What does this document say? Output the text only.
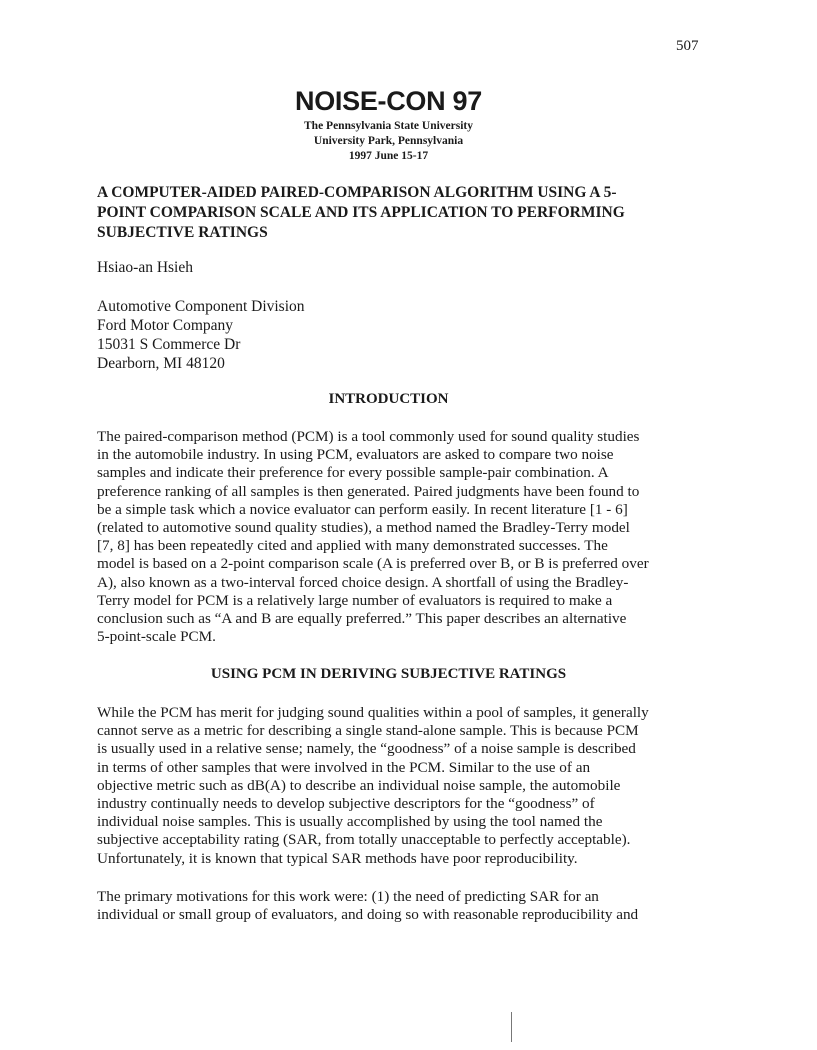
507
NOISE-CON 97
The Pennsylvania State University
University Park, Pennsylvania
1997 June 15-17
A COMPUTER-AIDED PAIRED-COMPARISON ALGORITHM USING A 5-
POINT COMPARISON SCALE AND ITS APPLICATION TO PERFORMING
SUBJECTIVE RATINGS
Hsiao-an Hsieh
Automotive Component Division
Ford Motor Company
15031 S Commerce Dr
Dearborn, MI 48120
INTRODUCTION
The paired-comparison method (PCM) is a tool commonly used for sound quality studies
in the automobile industry. In using PCM, evaluators are asked to compare two noise
samples and indicate their preference for every possible sample-pair combination. A
preference ranking of all samples is then generated. Paired judgments have been found to
be a simple task which a novice evaluator can perform easily. In recent literature [1 - 6]
(related to automotive sound quality studies), a method named the Bradley-Terry model
[7, 8] has been repeatedly cited and applied with many demonstrated successes. The
model is based on a 2-point comparison scale (A is preferred over B, or B is preferred over
A), also known as a two-interval forced choice design. A shortfall of using the Bradley-
Terry model for PCM is a relatively large number of evaluators is required to make a
conclusion such as “A and B are equally preferred.” This paper describes an alternative
5-point-scale PCM.
USING PCM IN DERIVING SUBJECTIVE RATINGS
While the PCM has merit for judging sound qualities within a pool of samples, it generally
cannot serve as a metric for describing a single stand-alone sample. This is because PCM
is usually used in a relative sense; namely, the “goodness” of a noise sample is described
in terms of other samples that were involved in the PCM. Similar to the use of an
objective metric such as dB(A) to describe an individual noise sample, the automobile
industry continually needs to develop subjective descriptors for the “goodness” of
individual noise samples. This is usually accomplished by using the tool named the
subjective acceptability rating (SAR, from totally unacceptable to perfectly acceptable).
Unfortunately, it is known that typical SAR methods have poor reproducibility.
The primary motivations for this work were: (1) the need of predicting SAR for an
individual or small group of evaluators, and doing so with reasonable reproducibility and
